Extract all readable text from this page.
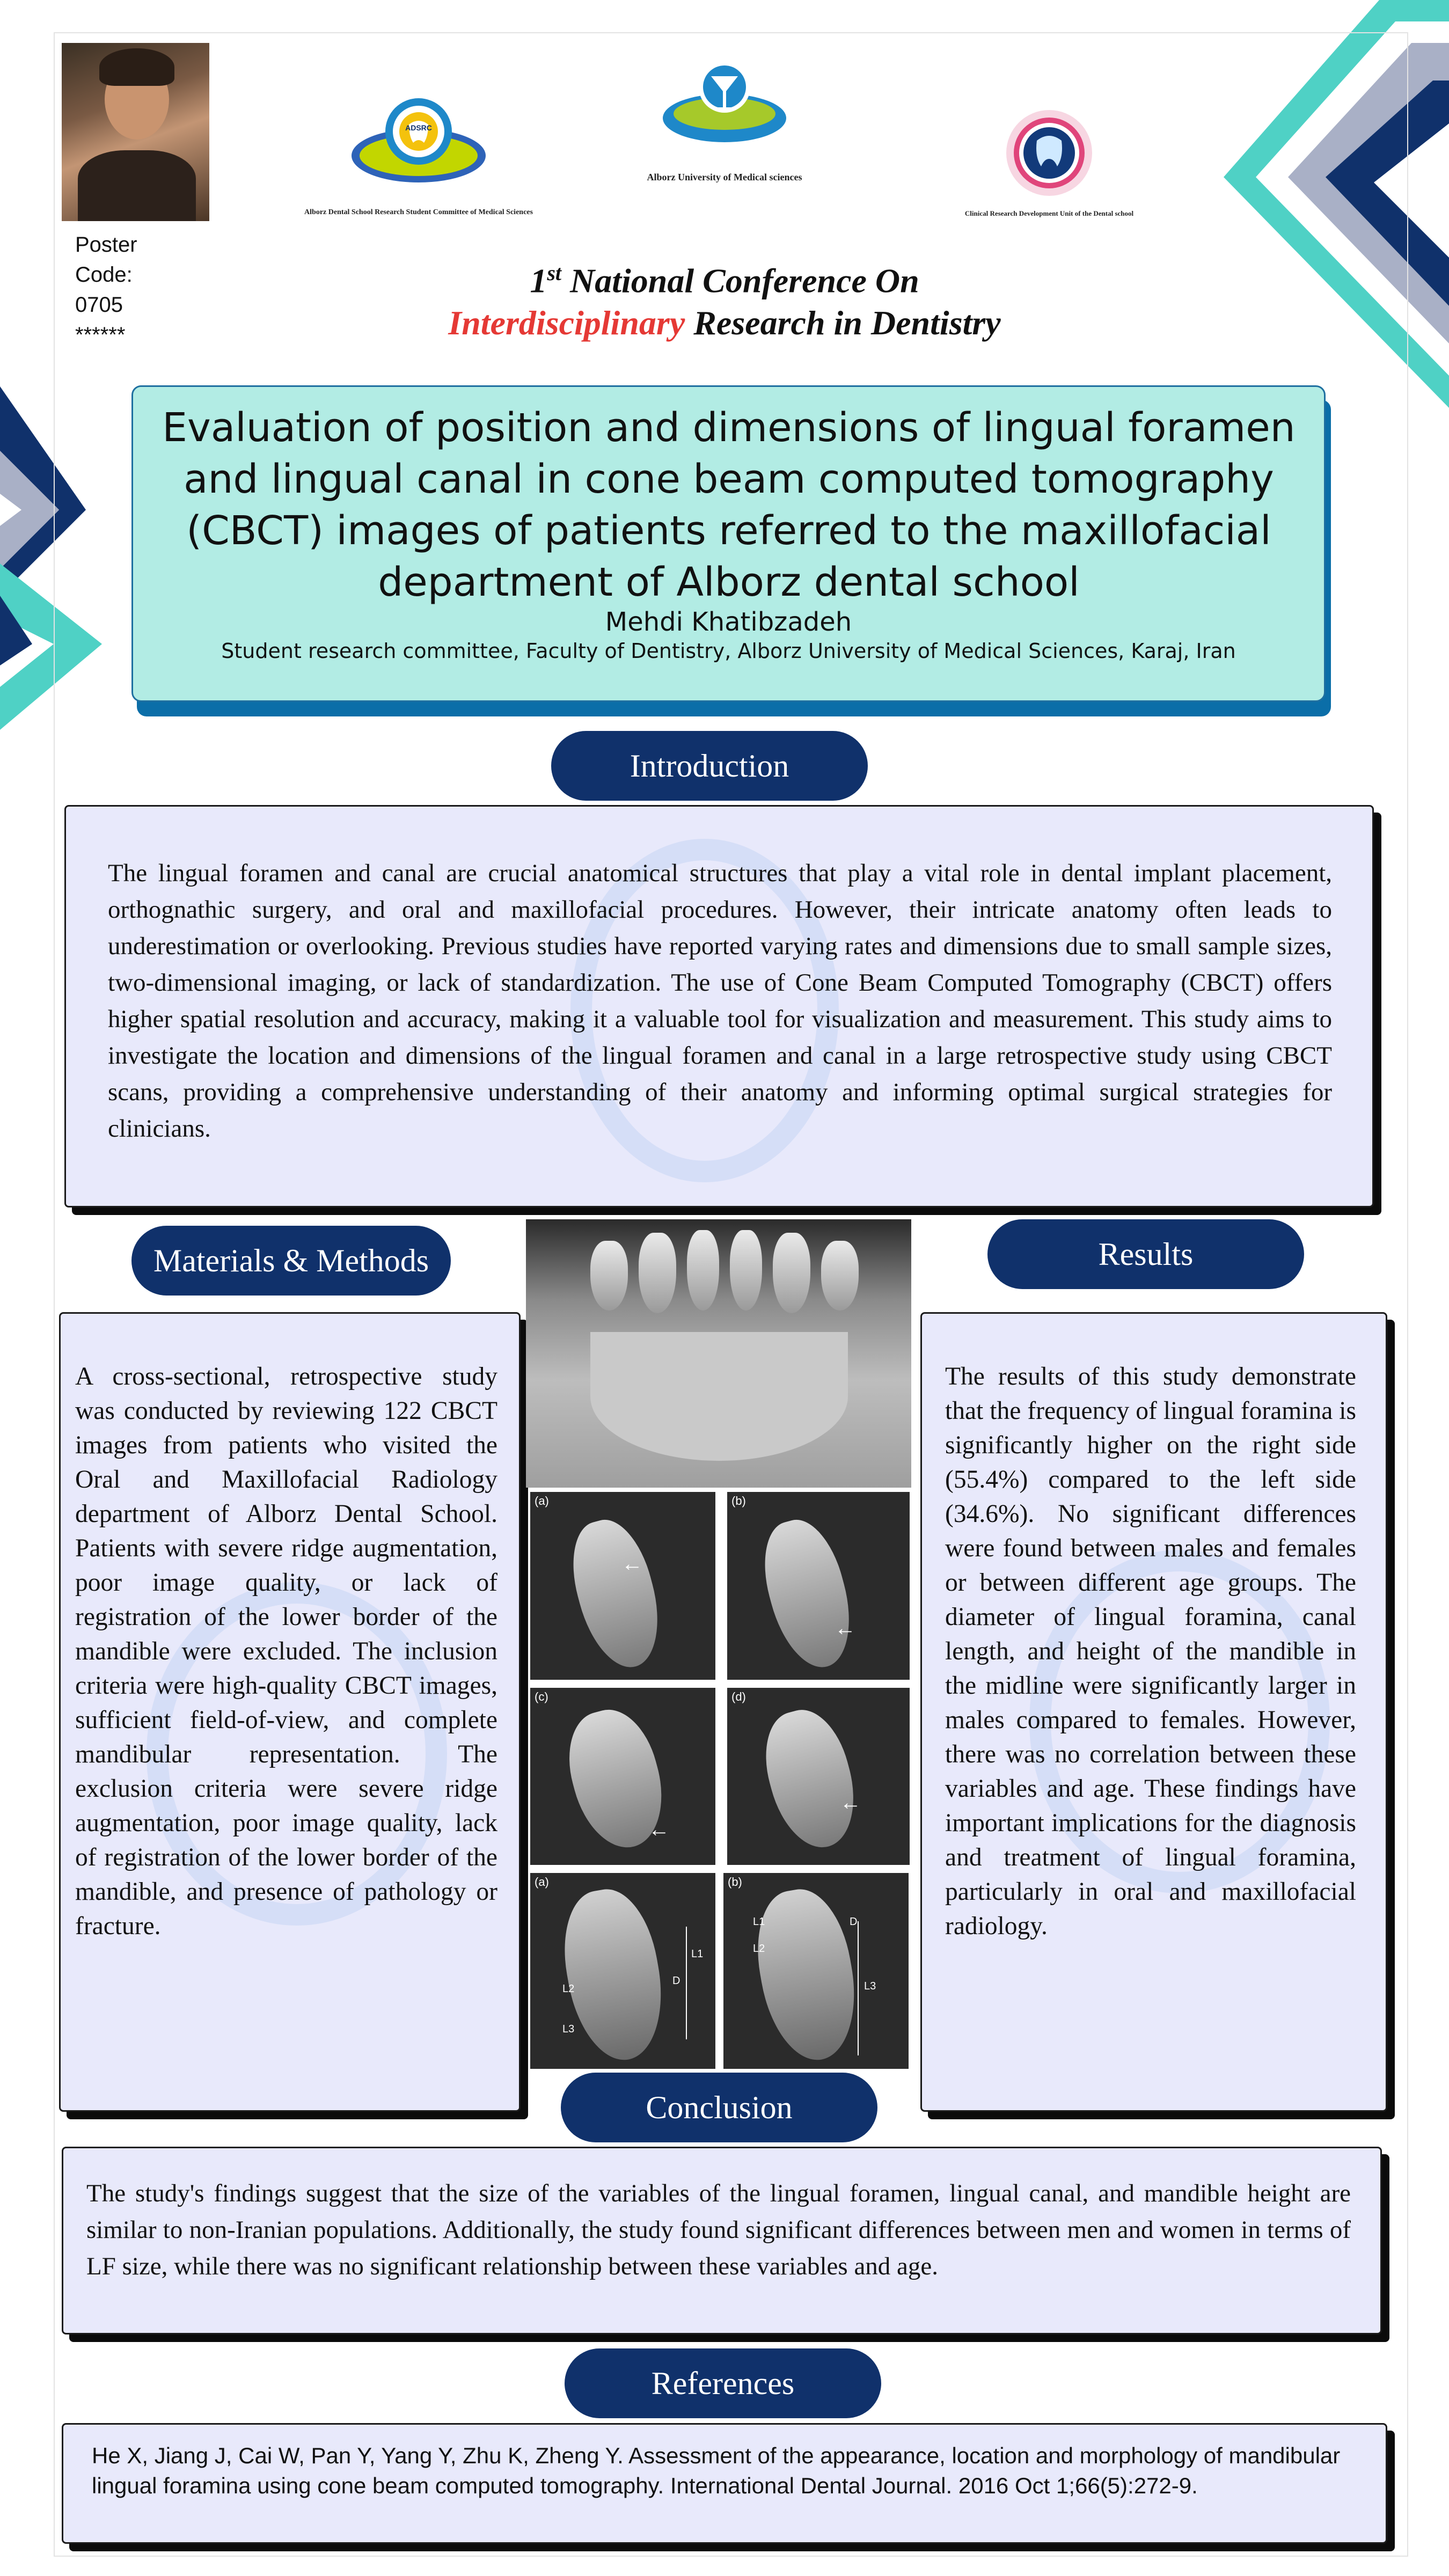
Poster
Code:
0705
******
ADSRC
Alborz Dental School Research Student Committee of Medical Sciences
Alborz University of Medical sciences
Clinical Research Development Unit of the Dental school
1st National Conference On
Interdisciplinary Research in Dentistry
Evaluation of position and dimensions of lingual foramen and lingual canal in cone beam computed tomography (CBCT) images of patients referred to the maxillofacial department of Alborz dental school
Mehdi Khatibzadeh
Student research committee, Faculty of Dentistry, Alborz University of Medical Sciences, Karaj, Iran
Introduction

The lingual foramen and canal are crucial anatomical structures that play a vital role in dental implant placement, orthognathic surgery, and oral and maxillofacial procedures. However, their intricate anatomy often leads to underestimation or overlooking. Previous studies have reported varying rates and dimensions due to small sample sizes, two-dimensional imaging, or lack of standardization. The use of Cone Beam Computed Tomography (CBCT) offers higher spatial resolution and accuracy, making it a valuable tool for visualization and measurement. This study aims to investigate the location and dimensions of the lingual foramen and canal in a large retrospective study using CBCT scans, providing a comprehensive understanding of their anatomy and informing optimal surgical strategies for clinicians.

Materials & Methods

A cross-sectional, retrospective study was conducted by reviewing 122 CBCT images from patients who visited the Oral and Maxillofacial Radiology department of Alborz Dental School. Patients with severe ridge augmentation, poor image quality, or lack of registration of the lower border of the mandible were excluded. The inclusion criteria were high-quality CBCT images, sufficient field-of-view, and complete mandibular representation. The exclusion criteria were severe ridge augmentation, poor image quality, lack of registration of the lower border of the mandible, and presence of pathology or fracture.

(a)
←
(b)
←
(c)
←
(d)
←
(a)
L1
L2
L3
D
(b)
L1
L2
L3
D
Results

The results of this study demonstrate that the frequency of lingual foramina is significantly higher on the right side (55.4%) compared to the left side (34.6%). No significant differences were found between males and females or between different age groups. The diameter of lingual foramina, canal length, and height of the mandible in the midline were significantly larger in males compared to females. However, there was no correlation between these variables and age. These findings have important implications for the diagnosis and treatment of lingual foramina, particularly in oral and maxillofacial radiology.

Conclusion

The study's findings suggest that the size of the variables of the lingual foramen, lingual canal, and mandible height are similar to non-Iranian populations. Additionally, the study found significant differences between men and women in terms of LF size, while there was no significant relationship between these variables and age.

References

He X, Jiang J, Cai W, Pan Y, Yang Y, Zhu K, Zheng Y. Assessment of the appearance, location and morphology of mandibular lingual foramina using cone beam computed tomography. International Dental Journal. 2016 Oct 1;66(5):272-9.
